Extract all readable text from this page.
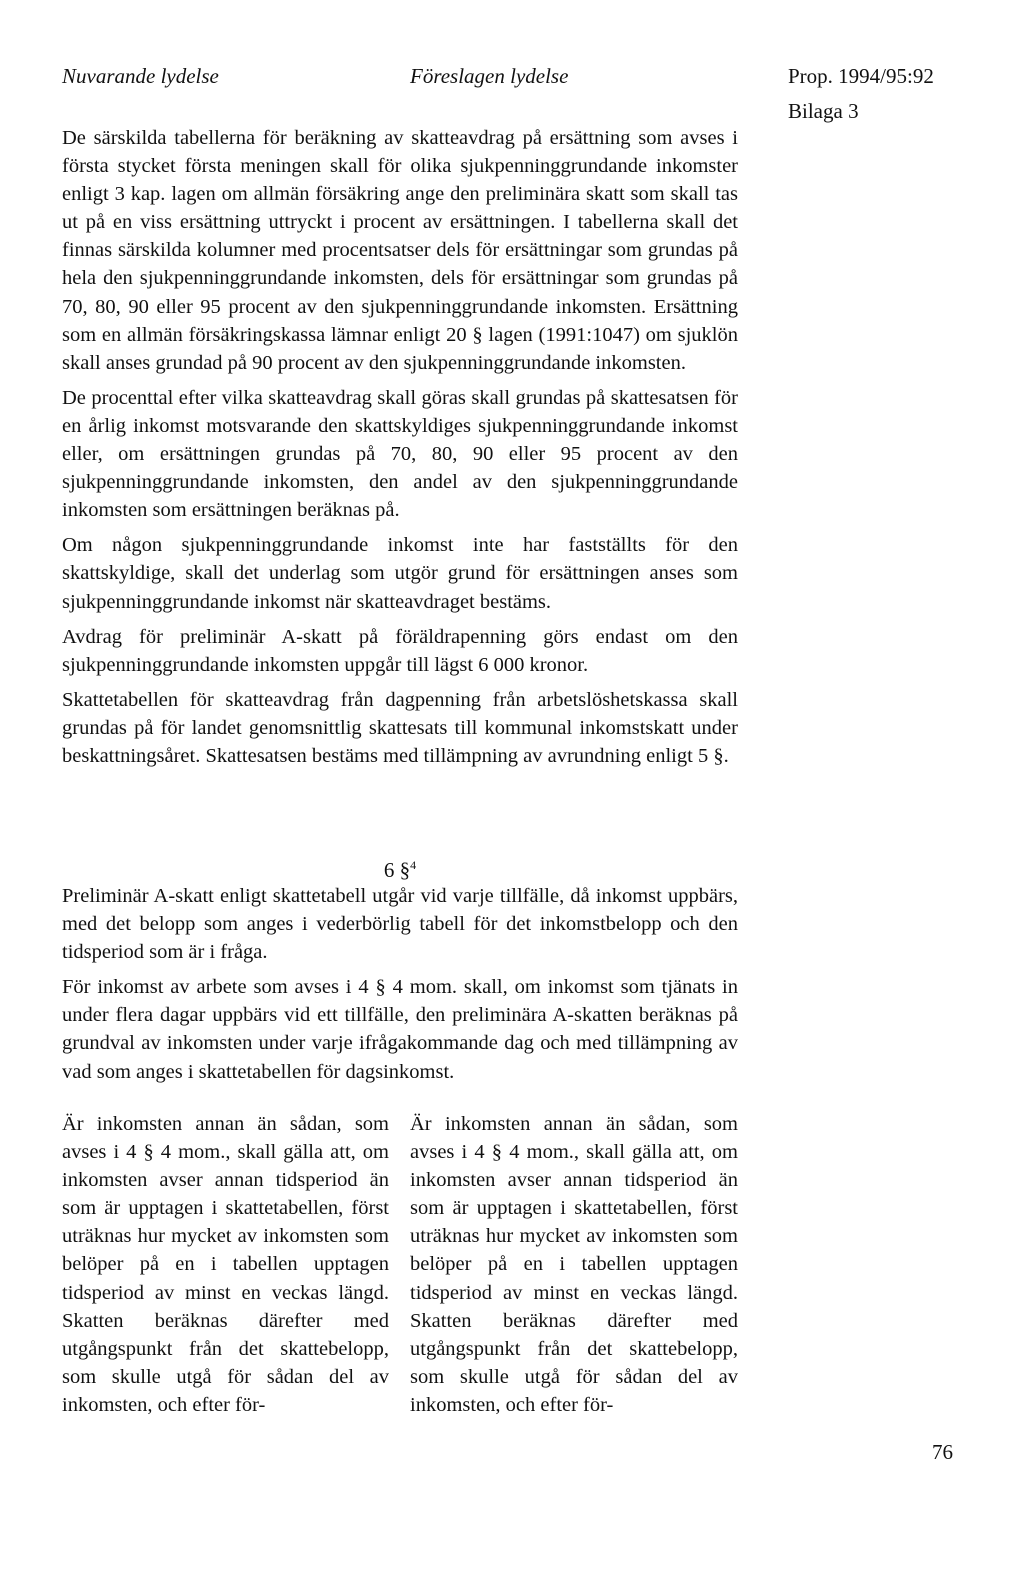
Nuvarande lydelse	Föreslagen lydelse	Prop. 1994/95:92
Bilaga 3

De särskilda tabellerna för beräkning av skatteavdrag på ersättning som avses i första stycket första meningen skall för olika sjukpenninggrundande inkomster enligt 3 kap. lagen om allmän försäkring ange den preliminära skatt som skall tas ut på en viss ersättning uttryckt i procent av ersättningen. I tabellerna skall det finnas särskilda kolumner med procentsatser dels för ersättningar som grundas på hela den sjukpenninggrundande inkomsten, dels för ersättningar som grundas på 70, 80, 90 eller 95 procent av den sjukpenninggrundande inkomsten. Ersättning som en allmän försäkringskassa lämnar enligt 20 § lagen (1991:1047) om sjuklön skall anses grundad på 90 procent av den sjukpenninggrundande inkomsten.

De procenttal efter vilka skatteavdrag skall göras skall grundas på skattesatsen för en årlig inkomst motsvarande den skattskyldiges sjukpenninggrundande inkomst eller, om ersättningen grundas på 70, 80, 90 eller 95 procent av den sjukpenninggrundande inkomsten, den andel av den sjukpenninggrundande inkomsten som ersättningen beräknas på.

Om någon sjukpenninggrundande inkomst inte har fastställts för den skattskyldige, skall det underlag som utgör grund för ersättningen anses som sjukpenninggrundande inkomst när skatteavdraget bestäms.

Avdrag för preliminär A-skatt på föräldrapenning görs endast om den sjukpenninggrundande inkomsten uppgår till lägst 6 000 kronor.

Skattetabellen för skatteavdrag från dagpenning från arbetslöshetskassa skall grundas på för landet genomsnittlig skattesats till kommunal inkomstskatt under beskattningsåret. Skattesatsen bestäms med tillämpning av avrundning enligt 5 §.

6 §$^4$

Preliminär A-skatt enligt skattetabell utgår vid varje tillfälle, då inkomst uppbärs, med det belopp som anges i vederbörlig tabell för det inkomstbelopp och den tidsperiod som är i fråga.

För inkomst av arbete som avses i 4 § 4 mom. skall, om inkomst som tjänats in under flera dagar uppbärs vid ett tillfälle, den preliminära A-skatten beräknas på grundval av inkomsten under varje ifrågakommande dag och med tillämpning av vad som anges i skattetabellen för dagsinkomst.

Är inkomsten annan än sådan, som avses i 4 § 4 mom., skall gälla att, om inkomsten avser annan tidsperiod än som är upptagen i skattetabellen, först uträknas hur mycket av inkomsten som belöper på en i tabellen upptagen tidsperiod av minst en veckas längd. Skatten beräknas därefter med utgångspunkt från det skattebelopp, som skulle utgå för sådan del av inkomsten, och efter för-

Är inkomsten annan än sådan, som avses i 4 § 4 mom., skall gälla att, om inkomsten avser annan tidsperiod än som är upptagen i skattetabellen, först uträknas hur mycket av inkomsten som belöper på en i tabellen upptagen tidsperiod av minst en veckas längd. Skatten beräknas därefter med utgångspunkt från det skattebelopp, som skulle utgå för sådan del av inkomsten, och efter för-

76
